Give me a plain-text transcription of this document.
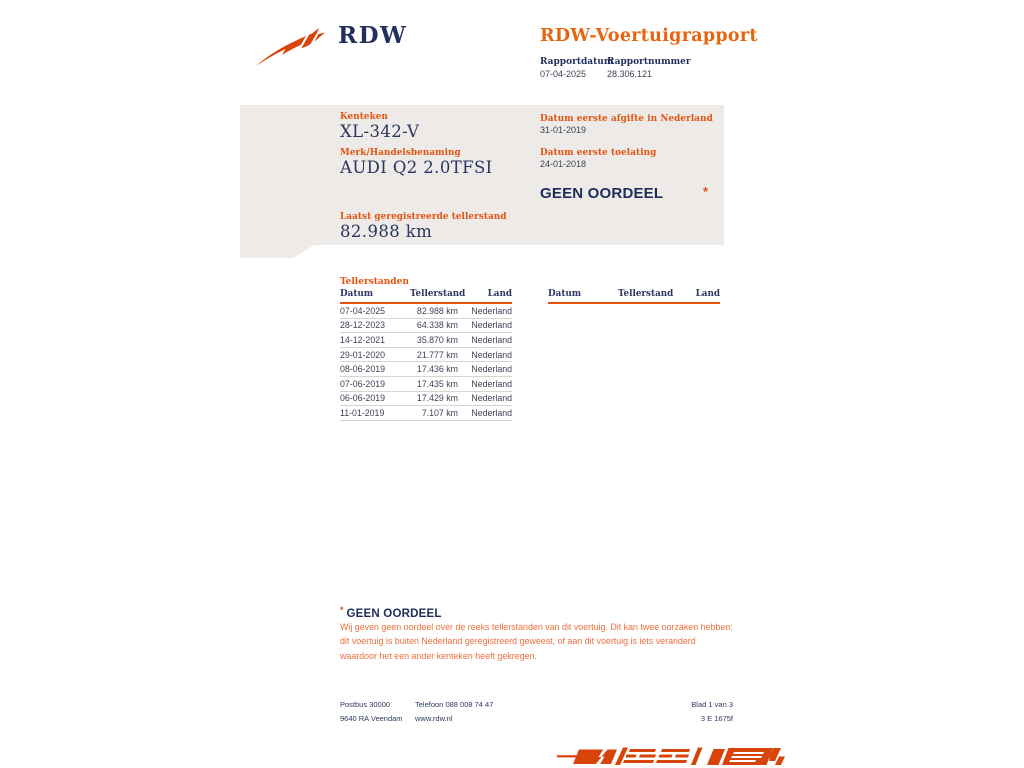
RDW	RDW-Voertuigrapport
Rapportdatum
07-04-2025
Rapportnummer
28.306.121
Kenteken
XL-342-V
Merk/Handelsbenaming
AUDI Q2 2.0TFSI
Laatst geregistreerde tellerstand
82.988 km
Datum eerste afgifte in Nederland
31-01-2019
Datum eerste toelating
24-01-2018
GEEN OORDEEL	*
Tellerstanden
Datum	Tellerstand	Land
07-04-2025	82.988 km	Nederland
28-12-2023	64.338 km	Nederland
14-12-2021	35.870 km	Nederland
29-01-2020	21.777 km	Nederland
08-06-2019	17.436 km	Nederland
07-06-2019	17.435 km	Nederland
06-06-2019	17.429 km	Nederland
11-01-2019	7.107 km	Nederland
Datum	Tellerstand	Land
* GEEN OORDEEL
Wij geven geen oordeel over de reeks tellerstanden van dit voertuig. Dit kan twee oorzaken hebben: dit voertuig is buiten Nederland geregistreerd geweest, of aan dit voertuig is iets veranderd waardoor het een ander kenteken heeft gekregen.
Postbus 30000
9640 RA Veendam
Telefoon 088 008 74 47
www.rdw.nl
Blad 1 van 3
3 E 1675f
